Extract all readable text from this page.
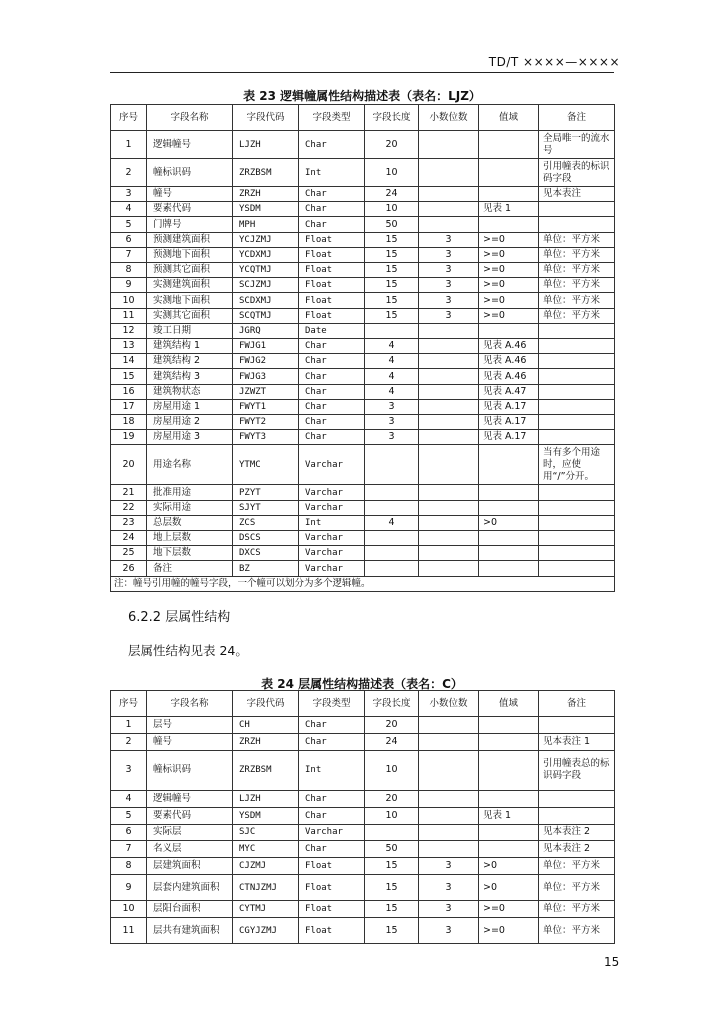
TD/T ××××—××××
表 23 逻辑幢属性结构描述表（表名：LJZ）
序号	字段名称	字段代码	字段类型	字段长度	小数位数	值域	备注
1	逻辑幢号	LJZH	Char	20			全局唯一的流水号
2	幢标识码	ZRZBSM	Int	10			引用幢表的标识码字段
3	幢号	ZRZH	Char	24			见本表注
4	要素代码	YSDM	Char	10		见表 1	
5	门牌号	MPH	Char	50			
6	预测建筑面积	YCJZMJ	Float	15	3	>=0	单位：平方米
7	预测地下面积	YCDXMJ	Float	15	3	>=0	单位：平方米
8	预测其它面积	YCQTMJ	Float	15	3	>=0	单位：平方米
9	实测建筑面积	SCJZMJ	Float	15	3	>=0	单位：平方米
10	实测地下面积	SCDXMJ	Float	15	3	>=0	单位：平方米
11	实测其它面积	SCQTMJ	Float	15	3	>=0	单位：平方米
12	竣工日期	JGRQ	Date				
13	建筑结构 1	FWJG1	Char	4		见表 A.46	
14	建筑结构 2	FWJG2	Char	4		见表 A.46	
15	建筑结构 3	FWJG3	Char	4		见表 A.46	
16	建筑物状态	JZWZT	Char	4		见表 A.47	
17	房屋用途 1	FWYT1	Char	3		见表 A.17	
18	房屋用途 2	FWYT2	Char	3		见表 A.17	
19	房屋用途 3	FWYT3	Char	3		见表 A.17	
20	用途名称	YTMC	Varchar				当有多个用途时，应使用“/”分开。
21	批准用途	PZYT	Varchar				
22	实际用途	SJYT	Varchar				
23	总层数	ZCS	Int	4		>0	
24	地上层数	DSCS	Varchar				
25	地下层数	DXCS	Varchar				
26	备注	BZ	Varchar				
注：幢号引用幢的幢号字段，一个幢可以划分为多个逻辑幢。							
6.2.2 层属性结构
层属性结构见表 24。
表 24 层属性结构描述表（表名：C）
序号	字段名称	字段代码	字段类型	字段长度	小数位数	值域	备注
1	层号	CH	Char	20			
2	幢号	ZRZH	Char	24			见本表注 1
3	幢标识码	ZRZBSM	Int	10			引用幢表总的标识码字段
4	逻辑幢号	LJZH	Char	20			
5	要素代码	YSDM	Char	10		见表 1	
6	实际层	SJC	Varchar				见本表注 2
7	名义层	MYC	Char	50			见本表注 2
8	层建筑面积	CJZMJ	Float	15	3	>0	单位：平方米
9	层套内建筑面积	CTNJZMJ	Float	15	3	>0	单位：平方米
10	层阳台面积	CYTMJ	Float	15	3	>=0	单位：平方米
11	层共有建筑面积	CGYJZMJ	Float	15	3	>=0	单位：平方米
15
